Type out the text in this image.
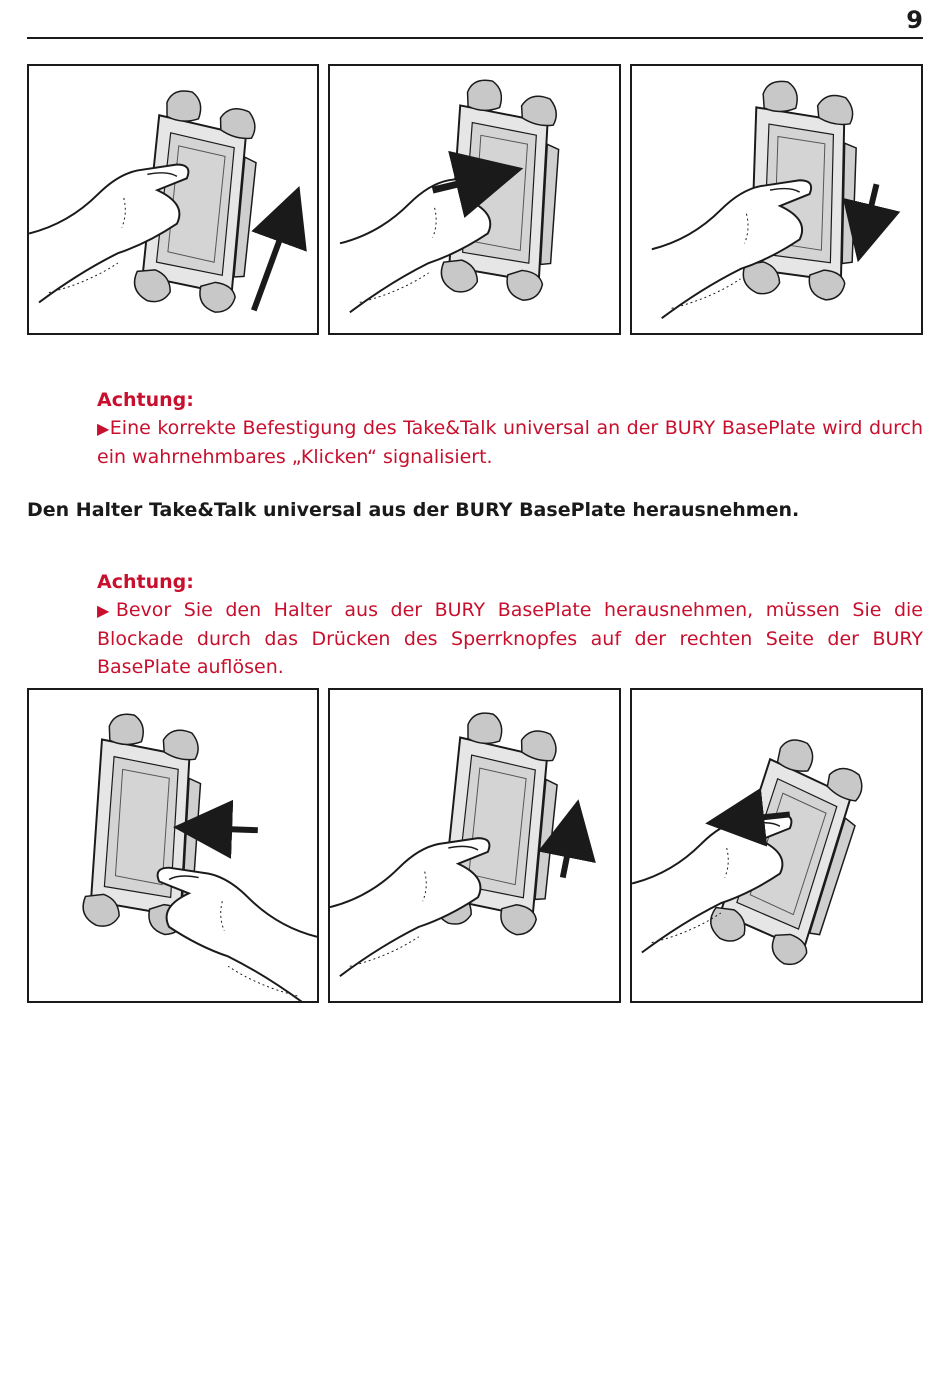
9
Achtung:
▶Eine korrekte Befestigung des Take&Talk universal an der BURY BasePlate wird durch ein wahrnehmbares „Klicken“ signalisiert.
Den Halter Take&Talk universal aus der BURY BasePlate herausnehmen.
Achtung:
▶Bevor Sie den Halter aus der BURY BasePlate herausnehmen, müssen Sie die Blockade durch das Drücken des Sperrknopfes auf der rechten Seite der BURY BasePlate auflösen.
